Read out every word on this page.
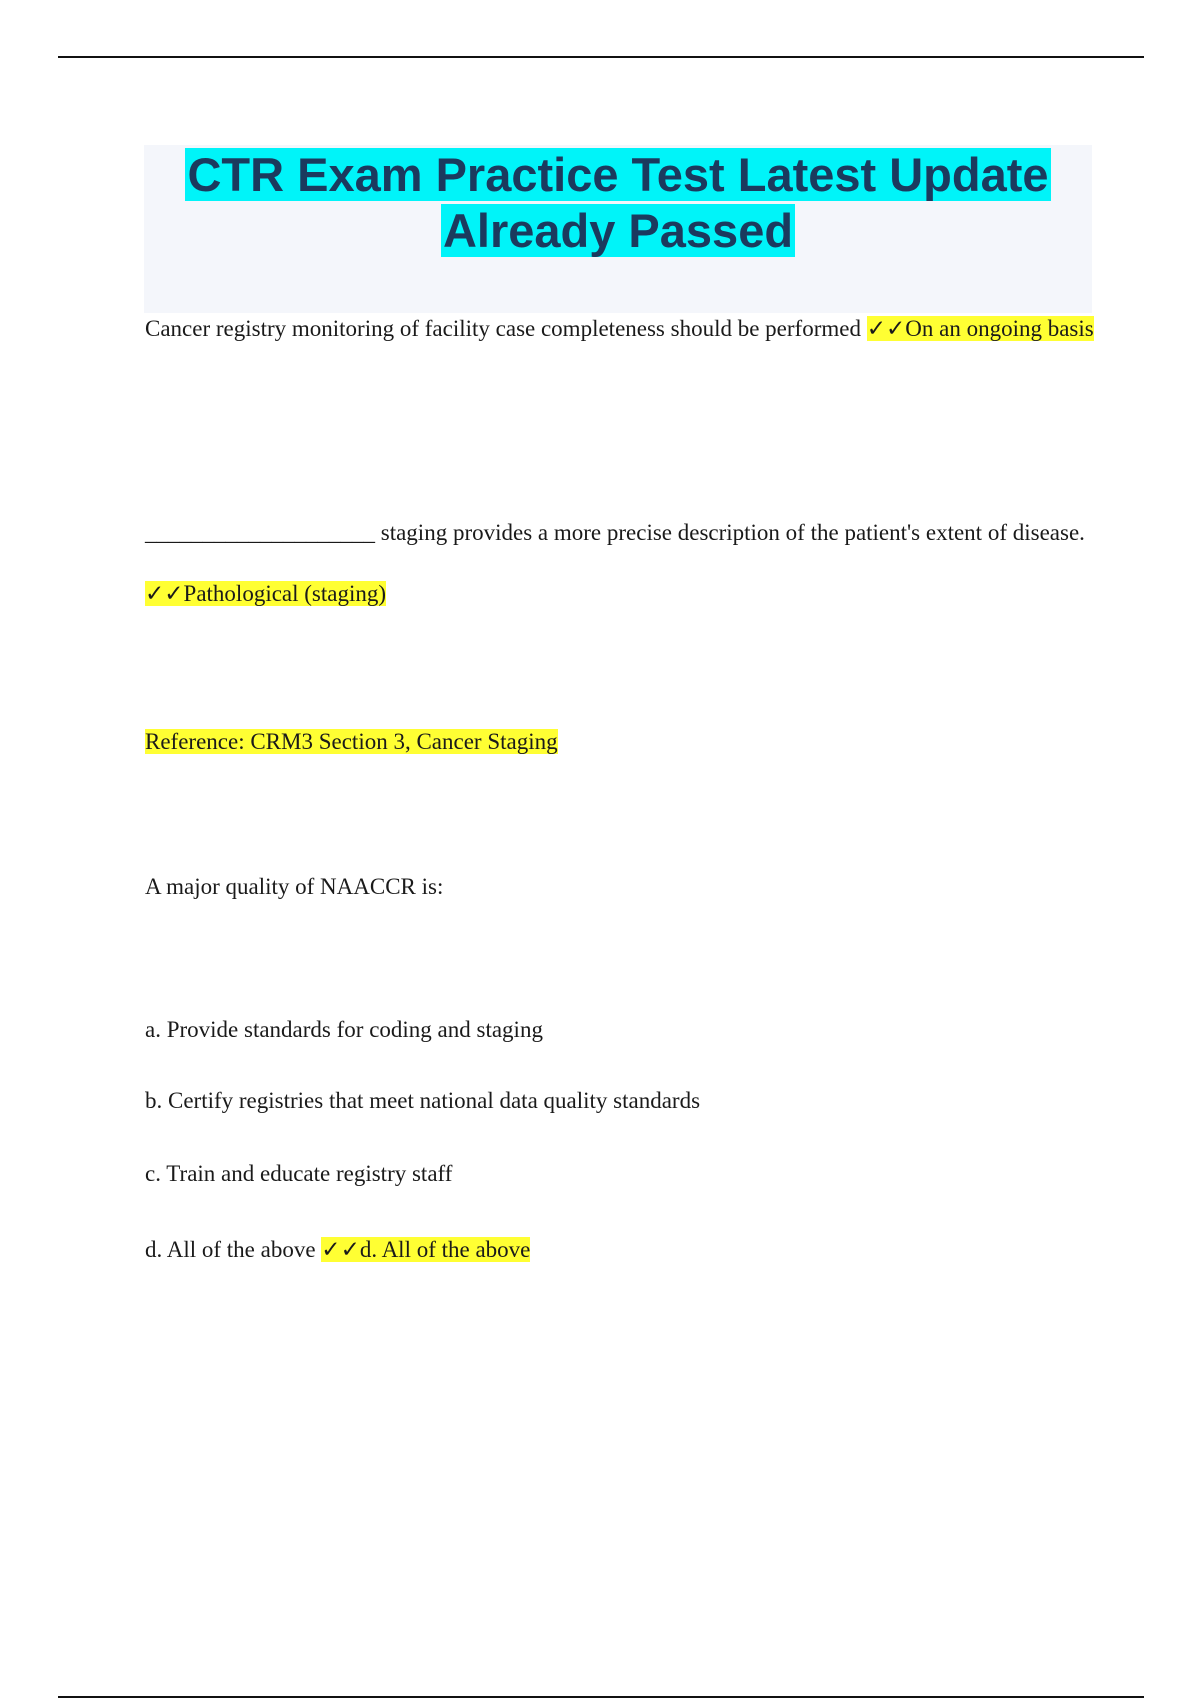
CTR Exam Practice Test Latest Update
Already Passed

Cancer registry monitoring of facility case completeness should be performed ✓✓On an ongoing basis

____________________ staging provides a more precise description of the patient's extent of disease. ✓✓Pathological (staging)

Reference: CRM3 Section 3, Cancer Staging

A major quality of NAACCR is:

a. Provide standards for coding and staging

b. Certify registries that meet national data quality standards

c. Train and educate registry staff

d. All of the above ✓✓d. All of the above
